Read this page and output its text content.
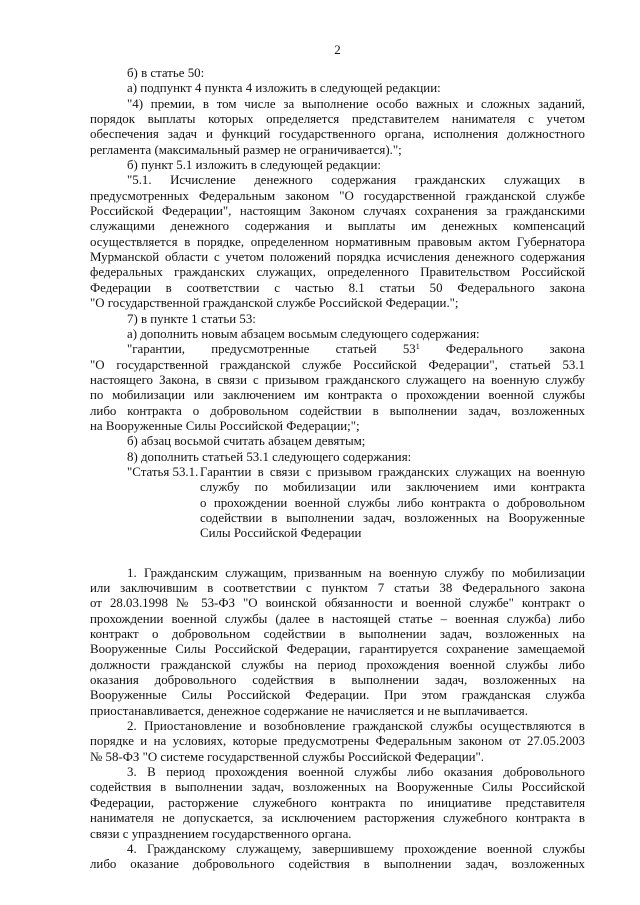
2
б) в статье 50:
а) подпункт 4 пункта 4 изложить в следующей редакции:
"4) премии, в том числе за выполнение особо важных и сложных заданий,
порядок выплаты которых определяется представителем нанимателя с учетом
обеспечения задач и функций государственного органа, исполнения должностного
регламента (максимальный размер не ограничивается).";
б) пункт 5.1 изложить в следующей редакции:
"5.1. Исчисление денежного содержания гражданских служащих в
предусмотренных Федеральным законом "О государственной гражданской службе
Российской Федерации", настоящим Законом случаях сохранения за гражданскими
служащими денежного содержания и выплаты им денежных компенсаций
осуществляется в порядке, определенном нормативным правовым актом Губернатора
Мурманской области с учетом положений порядка исчисления денежного содержания
федеральных гражданских служащих, определенного Правительством Российской
Федерации в соответствии с частью 8.1 статьи 50 Федерального закона
"О государственной гражданской службе Российской Федерации.";
7) в пункте 1 статьи 53:
а) дополнить новым абзацем восьмым следующего содержания:
"гарантии, предусмотренные статьей $53^1$ Федерального закона
"О государственной гражданской службе Российской Федерации", статьей 53.1
настоящего Закона, в связи с призывом гражданского служащего на военную службу
по мобилизации или заключением им контракта о прохождении военной службы
либо контракта о добровольном содействии в выполнении задач, возложенных
на Вооруженные Силы Российской Федерации;";
б) абзац восьмой считать абзацем девятым;
8) дополнить статьей 53.1 следующего содержания:
"Статья 53.1. Гарантии в связи с призывом гражданских служащих на военную
службу по мобилизации или заключением ими контракта
о прохождении военной службы либо контракта о добровольном
содействии в выполнении задач, возложенных на Вооруженные
Силы Российской Федерации
1. Гражданским служащим, призванным на военную службу по мобилизации
или заключившим в соответствии с пунктом 7 статьи 38 Федерального закона
от 28.03.1998 № 53-ФЗ "О воинской обязанности и военной службе" контракт о
прохождении военной службы (далее в настоящей статье – военная служба) либо
контракт о добровольном содействии в выполнении задач, возложенных на
Вооруженные Силы Российской Федерации, гарантируется сохранение замещаемой
должности гражданской службы на период прохождения военной службы либо
оказания добровольного содействия в выполнении задач, возложенных на
Вооруженные Силы Российской Федерации. При этом гражданская служба
приостанавливается, денежное содержание не начисляется и не выплачивается.
2. Приостановление и возобновление гражданской службы осуществляются в
порядке и на условиях, которые предусмотрены Федеральным законом от 27.05.2003
№ 58-ФЗ "О системе государственной службы Российской Федерации".
3. В период прохождения военной службы либо оказания добровольного
содействия в выполнении задач, возложенных на Вооруженные Силы Российской
Федерации, расторжение служебного контракта по инициативе представителя
нанимателя не допускается, за исключением расторжения служебного контракта в
связи с упразднением государственного органа.
4. Гражданскому служащему, завершившему прохождение военной службы
либо оказание добровольного содействия в выполнении задач, возложенных
